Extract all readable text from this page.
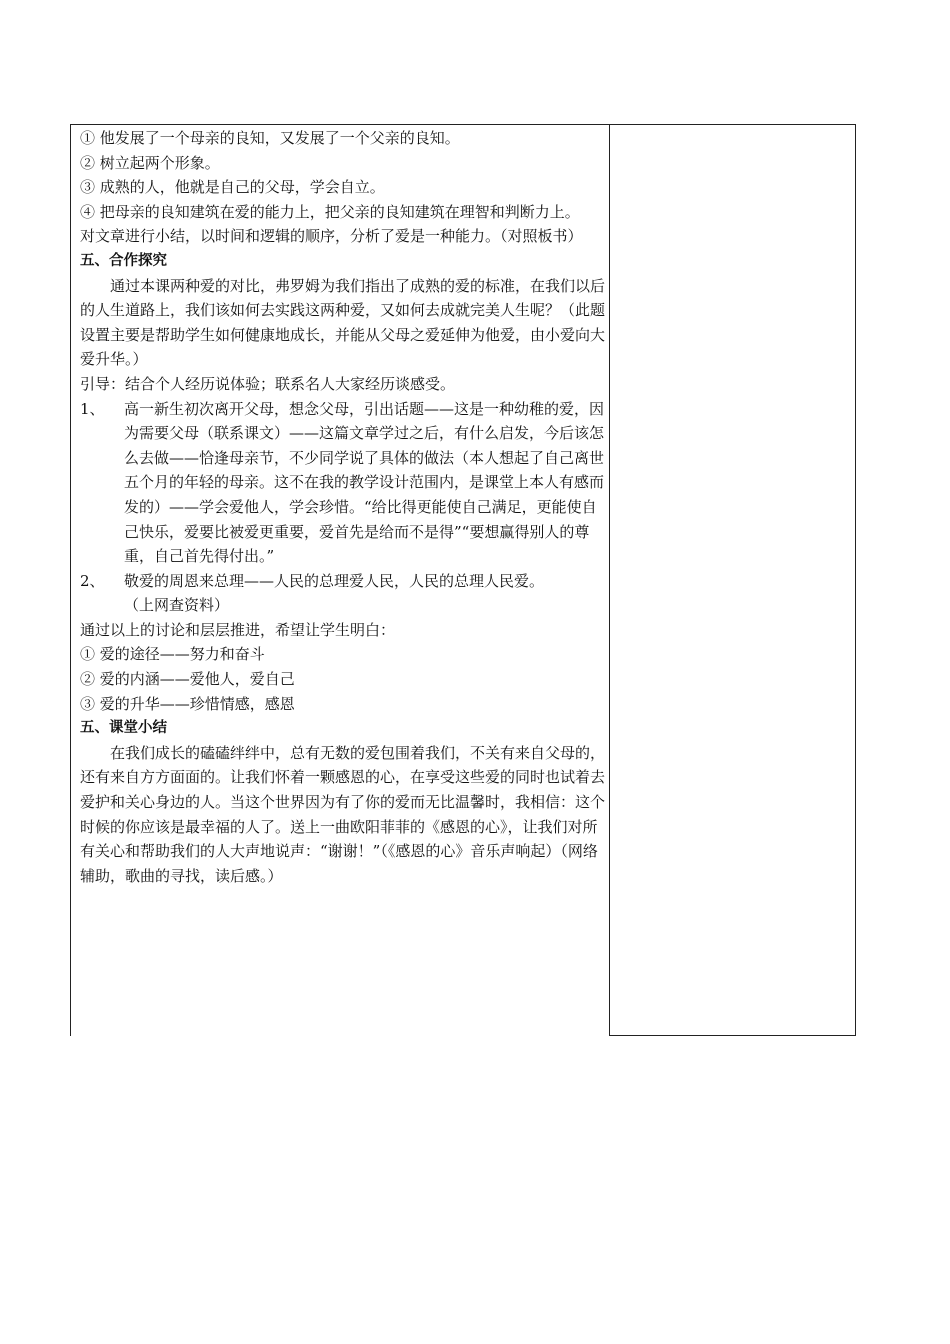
① 他发展了一个母亲的良知，又发展了一个父亲的良知。

② 树立起两个形象。

③ 成熟的人，他就是自己的父母，学会自立。

④ 把母亲的良知建筑在爱的能力上，把父亲的良知建筑在理智和判断力上。

对文章进行小结，以时间和逻辑的顺序，分析了爱是一种能力。（对照板书）

五、合作探究

通过本课两种爱的对比，弗罗姆为我们指出了成熟的爱的标准，在我们以后的人生道路上，我们该如何去实践这两种爱，又如何去成就完美人生呢？（此题设置主要是帮助学生如何健康地成长，并能从父母之爱延伸为他爱，由小爱向大爱升华。）

引导：结合个人经历说体验；联系名人大家经历谈感受。

1、	高一新生初次离开父母，想念父母，引出话题——这是一种幼稚的爱，因为需要父母（联系课文）——这篇文章学过之后，有什么启发，今后该怎么去做——恰逢母亲节，不少同学说了具体的做法（本人想起了自己离世五个月的年轻的母亲。这不在我的教学设计范围内，是课堂上本人有感而发的）——学会爱他人，学会珍惜。“给比得更能使自己满足，更能使自己快乐，爱要比被爱更重要，爱首先是给而不是得”“要想赢得别人的尊重，自己首先得付出。”
2、	敬爱的周恩来总理——人民的总理爱人民，人民的总理人民爱。

（上网查资料）

通过以上的讨论和层层推进，希望让学生明白：

① 爱的途径——努力和奋斗

② 爱的内涵——爱他人，爱自己

③ 爱的升华——珍惜情感，感恩

五、课堂小结

在我们成长的磕磕绊绊中，总有无数的爱包围着我们，不关有来自父母的，还有来自方方面面的。让我们怀着一颗感恩的心，在享受这些爱的同时也试着去爱护和关心身边的人。当这个世界因为有了你的爱而无比温馨时，我相信：这个时候的你应该是最幸福的人了。送上一曲欧阳菲菲的《感恩的心》，让我们对所有关心和帮助我们的人大声地说声：“谢谢！”（《感恩的心》音乐声响起）（网络辅助，歌曲的寻找，读后感。）
